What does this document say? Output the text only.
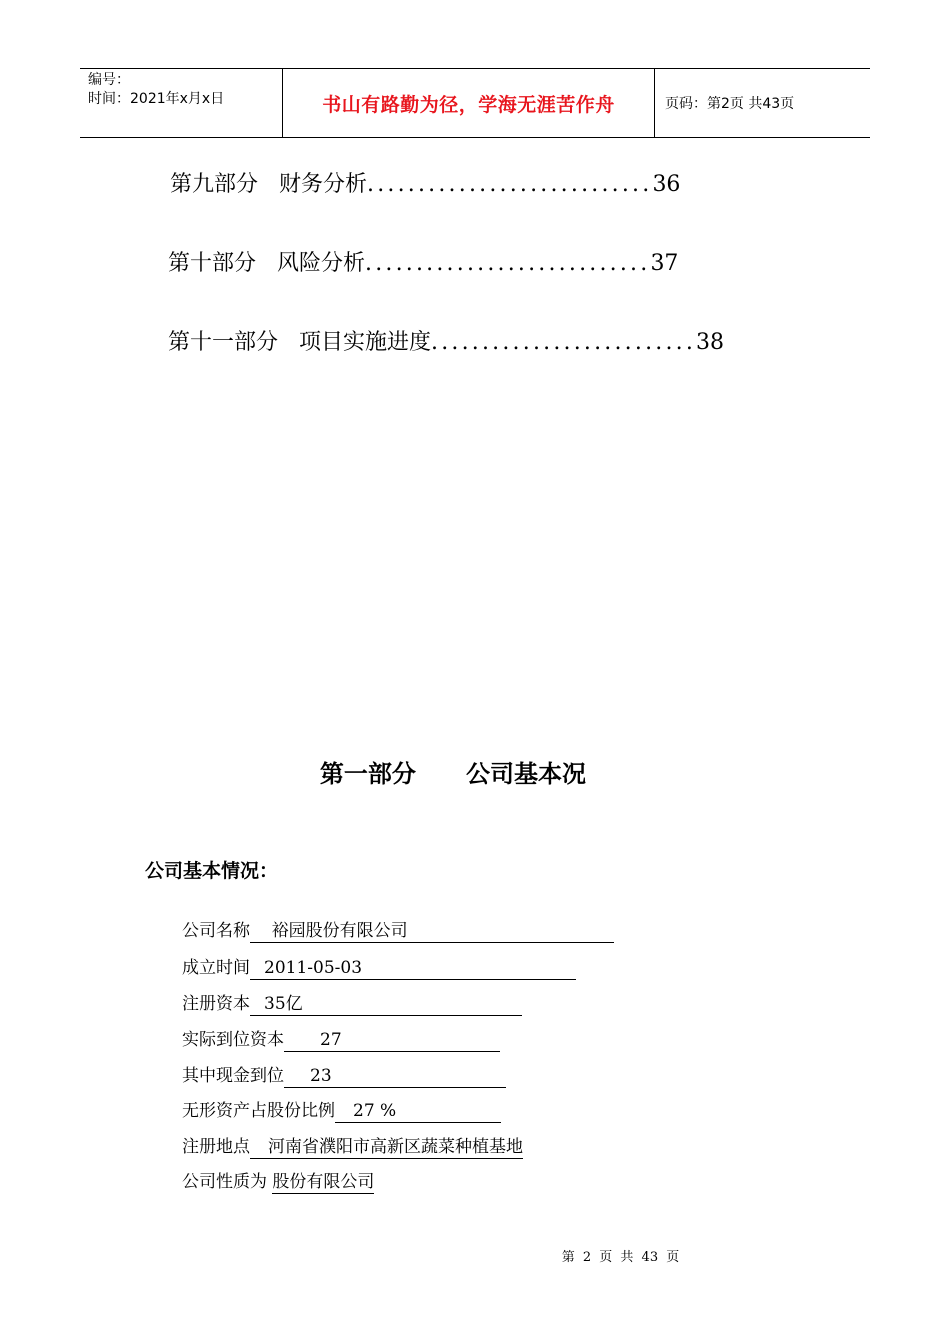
编号：
时间：2021年x月x日	书山有路勤为径，学海无涯苦作舟	页码：第2页 共43页
第九部分 财务分析............................36
第十部分 风险分析............................37
第十一部分 项目实施进度..........................38
第一部分      公司基本况
公司基本情况：
公司名称    裕园股份有限公司
成立时间 2011-05-03
注册资本 35亿
实际到位资本 27
其中现金到位 23
无形资产占股份比例 27 %
注册地点 河南省濮阳市高新区蔬菜种植基地
公司性质为 股份有限公司
第 2 页 共 43 页
